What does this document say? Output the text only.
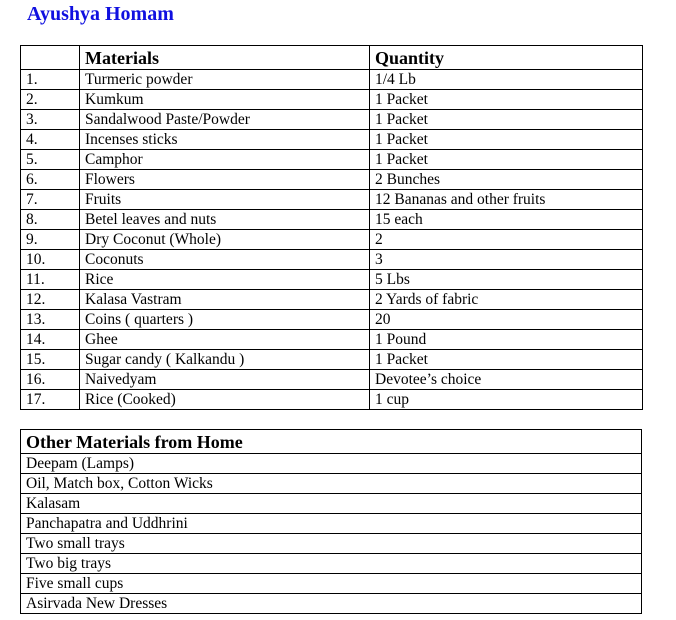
Ayushya Homam
	Materials	Quantity
1.	Turmeric powder	1/4 Lb
2.	Kumkum	1 Packet
3.	Sandalwood Paste/Powder	1 Packet
4.	Incenses sticks	1 Packet
5.	Camphor	1 Packet
6.	Flowers	2 Bunches
7.	Fruits	12 Bananas and other fruits
8.	Betel leaves and nuts	15 each
9.	Dry Coconut (Whole)	2
10.	Coconuts	3
11.	Rice	5 Lbs
12.	Kalasa Vastram	2 Yards of fabric
13.	Coins ( quarters )	20
14.	Ghee	1 Pound
15.	Sugar candy ( Kalkandu )	1 Packet
16.	Naivedyam	Devotee’s choice
17.	Rice (Cooked)	1 cup
Other Materials from Home
Deepam (Lamps)
Oil, Match box, Cotton Wicks
Kalasam
Panchapatra and Uddhrini
Two small trays
Two big trays
Five small cups
Asirvada New Dresses
